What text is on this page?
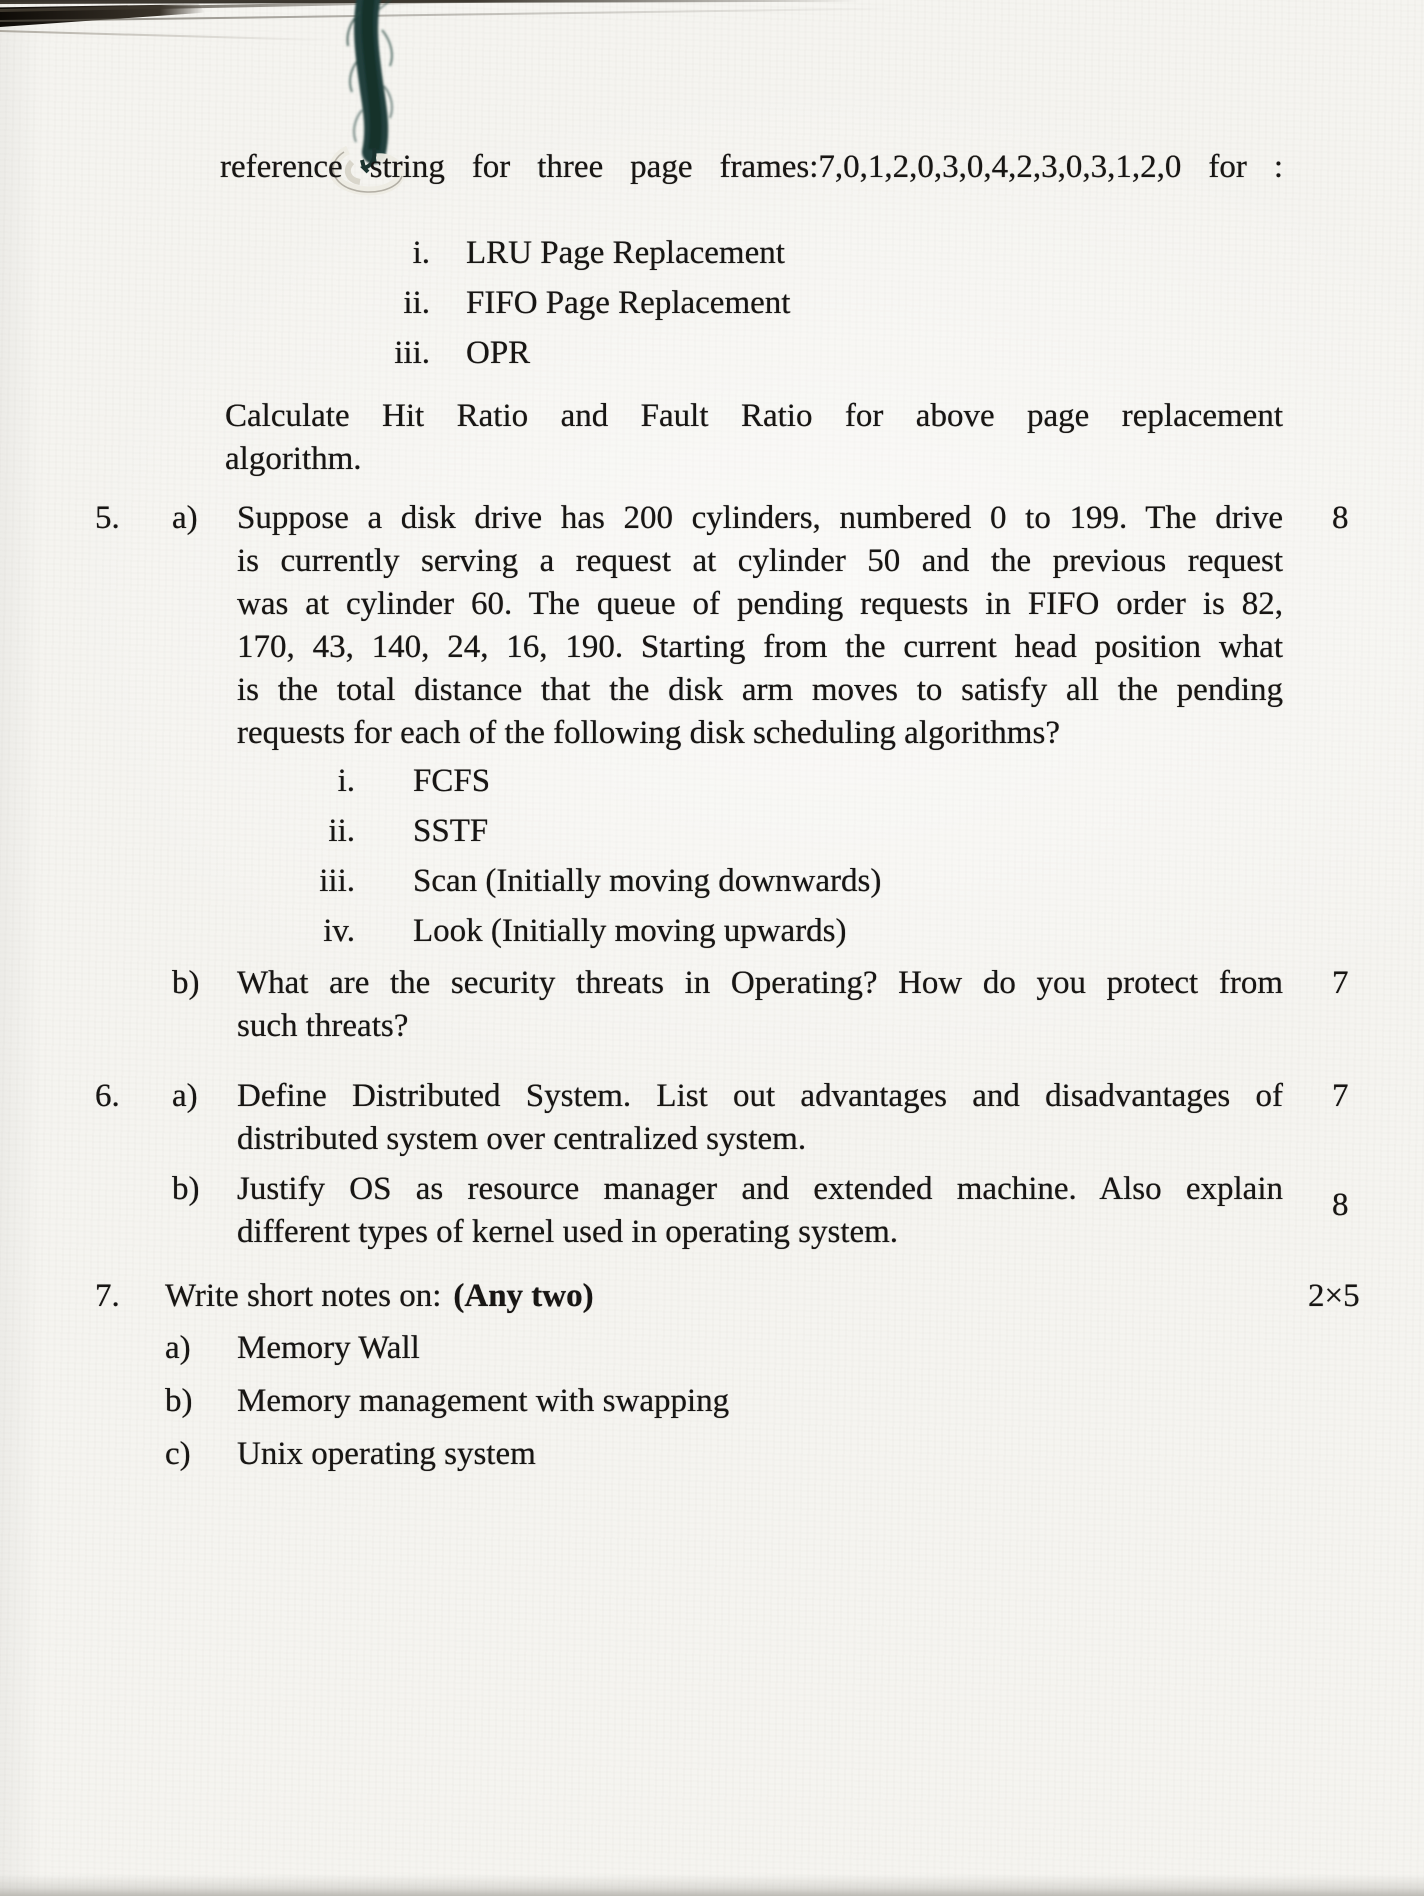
reference string for three page frames:7,0,1,2,0,3,0,4,2,3,0,3,1,2,0 for :
i. LRU Page Replacement
ii. FIFO Page Replacement
iii. OPR
Calculate Hit Ratio and Fault Ratio for above page replacement
algorithm.
5. a) Suppose a disk drive has 200 cylinders, numbered 0 to 199. The drive
is currently serving a request at cylinder 50 and the previous request
was at cylinder 60. The queue of pending requests in FIFO order is 82,
170, 43, 140, 24, 16, 190. Starting from the current head position what
is the total distance that the disk arm moves to satisfy all the pending
requests for each of the following disk scheduling algorithms?
8
i. FCFS
ii. SSTF
iii. Scan (Initially moving downwards)
iv. Look (Initially moving upwards)
b) What are the security threats in Operating? How do you protect from
such threats?
7
6. a) Define Distributed System. List out advantages and disadvantages of
distributed system over centralized system.
7
b) Justify OS as resource manager and extended machine. Also explain
different types of kernel used in operating system.
8
7. Write short notes on: (Any two)	2×5
a) Memory Wall
b) Memory management with swapping
c) Unix operating system
